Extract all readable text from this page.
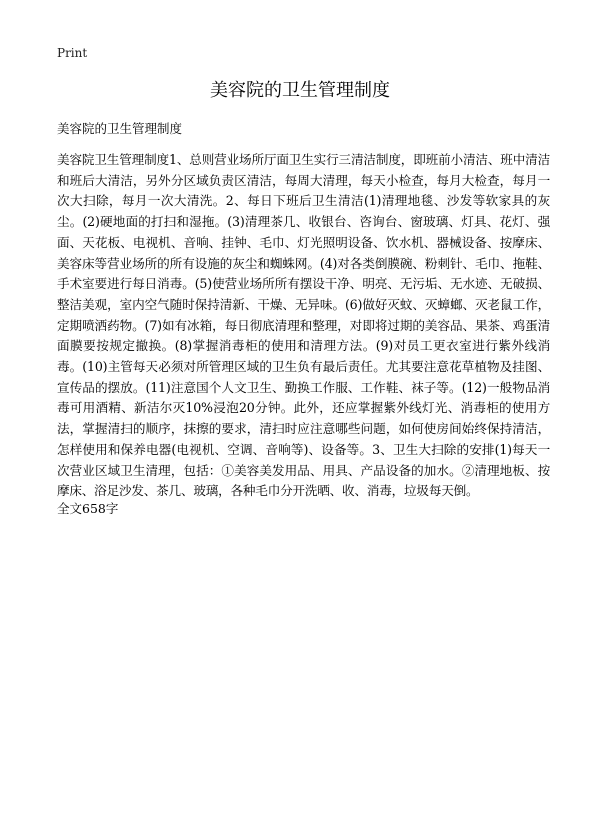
Print
美容院的卫生管理制度

美容院的卫生管理制度

美容院卫生管理制度1、总则营业场所厅面卫生实行三清洁制度，即班前小清洁、班中清洁和班后大清洁，另外分区域负责区清洁，每周大清理，每天小检查，每月大检查，每月一次大扫除，每月一次大清洗。2、每日下班后卫生清洁(1)清理地毯、沙发等软家具的灰尘。(2)硬地面的打扫和湿拖。(3)清理茶几、收银台、咨询台、窗玻璃、灯具、花灯、强面、天花板、电视机、音响、挂钟、毛巾、灯光照明设备、饮水机、器械设备、按摩床、美容床等营业场所的所有设施的灰尘和蜘蛛网。(4)对各类倒膜碗、粉刺针、毛巾、拖鞋、手术室要进行每日消毒。(5)使营业场所所有摆设干净、明亮、无污垢、无水迹、无破损、整洁美观，室内空气随时保持清新、干燥、无异味。(6)做好灭蚊、灭蟑螂、灭老鼠工作，定期喷洒药物。(7)如有冰箱，每日彻底清理和整理，对即将过期的美容品、果茶、鸡蛋清面膜要按规定撤换。(8)掌握消毒柜的使用和清理方法。(9)对员工更衣室进行紫外线消毒。(10)主管每天必须对所管理区域的卫生负有最后责任。尤其要注意花草植物及挂图、宣传品的摆放。(11)注意国个人文卫生、勤换工作服、工作鞋、袜子等。(12)一般物品消毒可用酒精、新洁尔灭10%浸泡20分钟。此外，还应掌握紫外线灯光、消毒柜的使用方法，掌握清扫的顺序，抹擦的要求，清扫时应注意哪些问题，如何使房间始终保持清洁，怎样使用和保养电器(电视机、空调、音响等)、设备等。3、卫生大扫除的安排(1)每天一次营业区域卫生清理，包括：①美容美发用品、用具、产品设备的加水。②清理地板、按摩床、浴足沙发、茶几、玻璃，各种毛巾分开洗晒、收、消毒，垃圾每天倒。

全文658字
